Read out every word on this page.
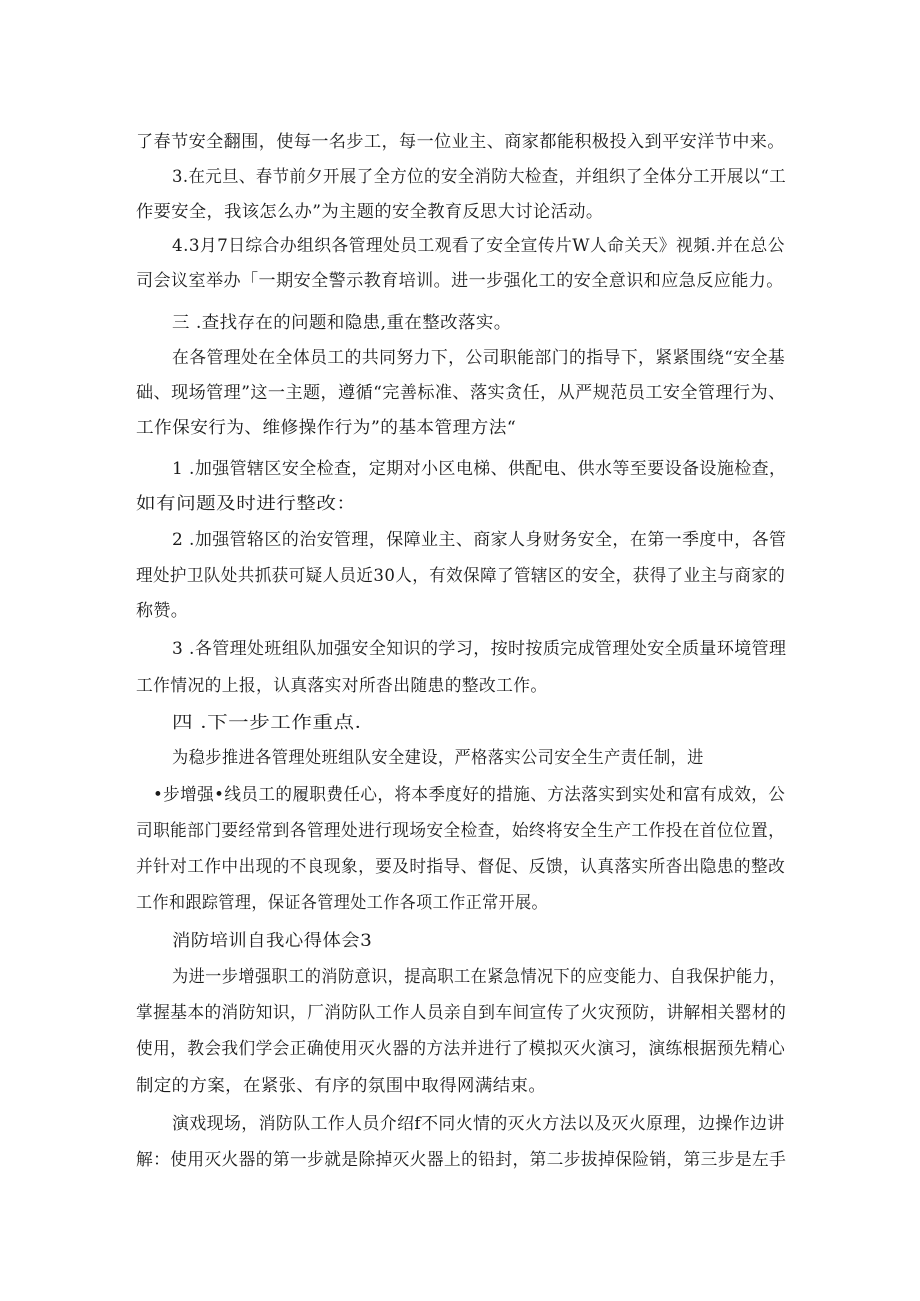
了春节安全翻围，使每一名步工，每一位业主、商家都能积极投入到平安洋节中来。
3.在元旦、春节前夕开展了全方位的安全消防大检查，并组织了全体分工开展以“工
作要安全，我该怎么办”为主题的安全教育反思大讨论活动。
4.3月7日综合办组织各管理处员工观看了安全宣传片W人命关天》视頻.并在总公
司会议室举办「一期安全警示教育培训。进一步强化工的安全意识和应急反应能力。
三 .查找存在的问题和隐患,重在整改落实。
在各管理处在全体员工的共同努力下，公司职能部门的指导下，紧紧围绕“安全基
础、现场管理”这一主题，遵循“完善标准、落实贪任，从严规范员工安全管理行为、
工作保安行为、维修操作行为”的基本管理方法“
1 .加强管辖区安全检查，定期对小区电梯、供配电、供水等至要设备设施检查，
如有问题及时进行整改：
2 .加强管辂区的治安管理，保障业主、商家人身财务安全，在第一季度中，各管
理处护卫队处共抓获可疑人员近30人，有效保障了管辖区的安全，获得了业主与商家的
称赞。
3 .各管理处班组队加强安全知识的学习，按时按质完成管理处安全质量环境管理
工作情况的上报，认真落实对所沓出随患的整改工作。
四 .下一步工作重点.
为稳步推进各管理处班组队安全建设，严格落实公司安全生产责任制，进
•步增强•线员工的履职费任心，将本季度好的措施、方法落实到实处和富有成效，公
司职能部门要经常到各管理处进行现场安全检查，始终将安全生产工作投在首位位置，
并针对工作中出现的不良现象，要及时指导、督促、反馈，认真落实所沓出隐患的整改
工作和跟踪管理，保证各管理处工作各项工作正常开展。
消防培训自我心得体会3
为进一步增强职工的消防意识，提高职工在紧急情况下的应变能力、自我保护能力，
掌握基本的消防知识，厂消防队工作人员亲自到车间宣传了火灾预防，讲解相关罂材的
使用，教会我们学会正确使用灭火器的方法并进行了模拟灭火演习，演练根据预先精心
制定的方案，在紧张、有序的氛围中取得网满结束。
演戏现场，消防队工作人员介绍f不同火情的灭火方法以及灭火原理，边操作边讲
解：使用灭火器的第一步就是除掉灭火器上的铅封，第二步拔掉保险销，第三步是左手
